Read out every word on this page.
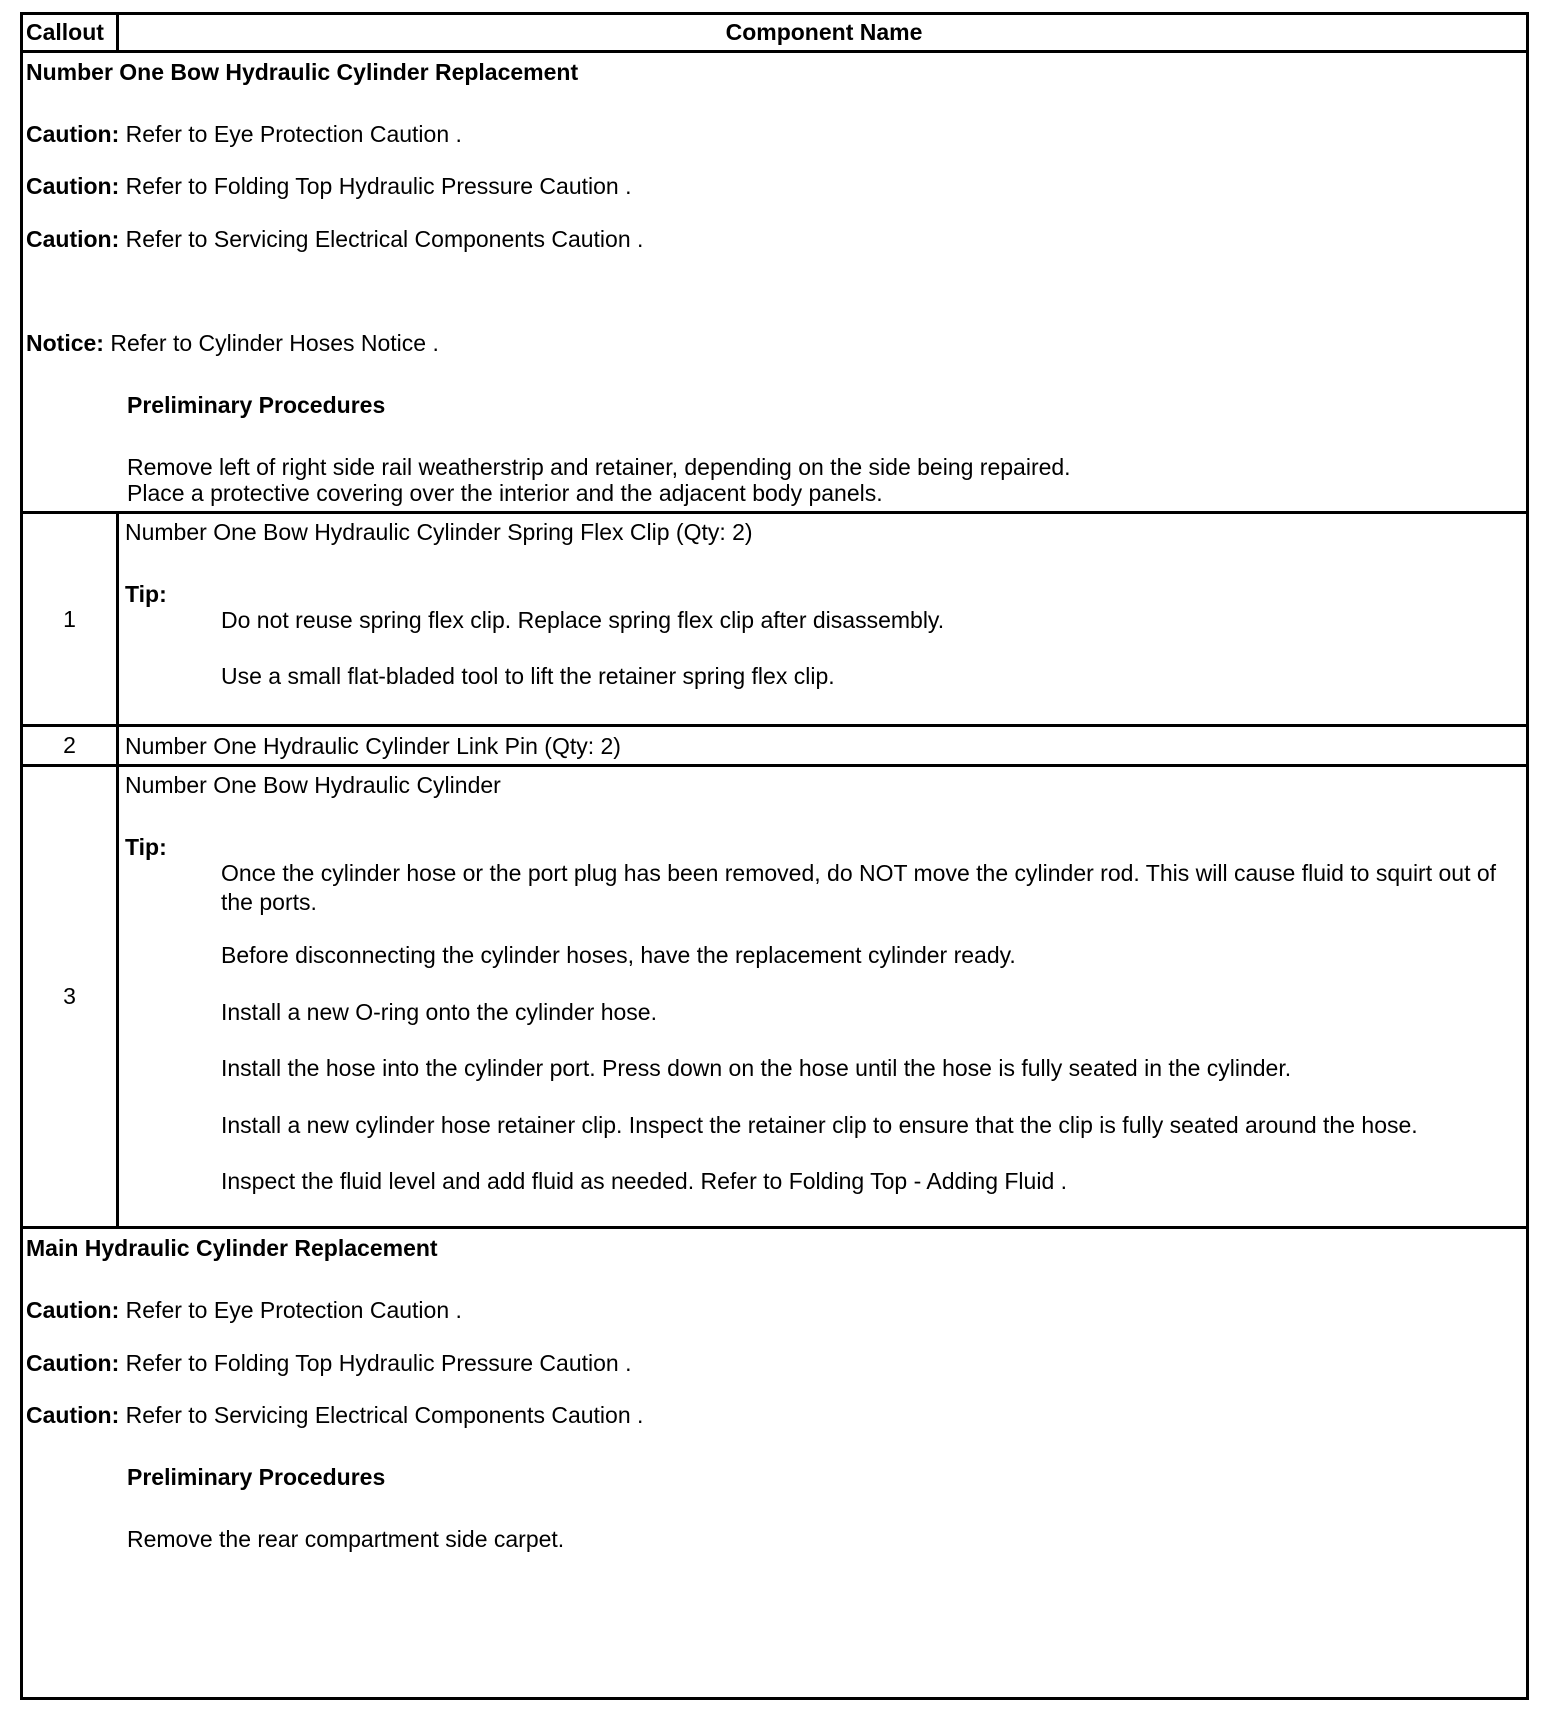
Callout	Component Name
Number One Bow Hydraulic Cylinder Replacement
Caution: Refer to Eye Protection Caution .
Caution: Refer to Folding Top Hydraulic Pressure Caution .
Caution: Refer to Servicing Electrical Components Caution .
Notice: Refer to Cylinder Hoses Notice .
Preliminary Procedures
Remove left of right side rail weatherstrip and retainer, depending on the side being repaired.
Place a protective covering over the interior and the adjacent body panels.
1
Number One Bow Hydraulic Cylinder Spring Flex Clip (Qty: 2)
Tip:
Do not reuse spring flex clip. Replace spring flex clip after disassembly.
Use a small flat-bladed tool to lift the retainer spring flex clip.
2	Number One Hydraulic Cylinder Link Pin (Qty: 2)
3
Number One Bow Hydraulic Cylinder
Tip:
Once the cylinder hose or the port plug has been removed, do NOT move the cylinder rod. This will cause fluid to squirt out of the ports.
Before disconnecting the cylinder hoses, have the replacement cylinder ready.
Install a new O-ring onto the cylinder hose.
Install the hose into the cylinder port. Press down on the hose until the hose is fully seated in the cylinder.
Install a new cylinder hose retainer clip. Inspect the retainer clip to ensure that the clip is fully seated around the hose.
Inspect the fluid level and add fluid as needed. Refer to Folding Top - Adding Fluid .
Main Hydraulic Cylinder Replacement
Caution: Refer to Eye Protection Caution .
Caution: Refer to Folding Top Hydraulic Pressure Caution .
Caution: Refer to Servicing Electrical Components Caution .
Preliminary Procedures
Remove the rear compartment side carpet.
